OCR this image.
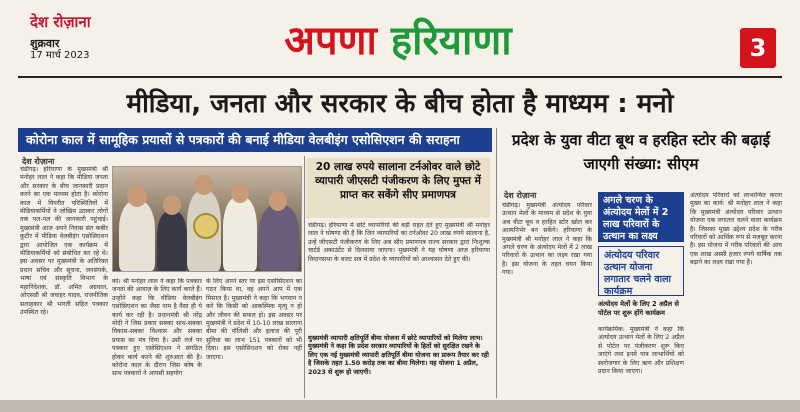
देश रोज़ाना
शुक्रवार
17 मार्च 2023	अपणा हरियाणा	3
मीडिया, जनता और सरकार के बीच होता है माध्यम : मनो
कोरोना काल में सामूहिक प्रयासों से पत्रकारों की बनाई मीडिया वेलबीइंग एसोसिएशन की सराहना
देश रोज़ाना
चंडीगढ़। हरियाणा के मुख्यमंत्री श्री मनोहर लाल ने कहा कि मीडिया जनता और सरकार के बीच जानकारी प्रदान करने का एक माध्यम होता है। कोरोना काल में विपरीत परिस्थितियों में मीडियाकर्मियों ने जोखिम उठाकर लोगों तक पल-पल की जानकारी पहुंचाई। मुख्यमंत्री आज अपने निवास संत कबीर कुटीर में मीडिया वेलबीइंग एसोसिएशन द्वारा आयोजित एक कार्यक्रम में मीडियाकर्मियों को संबोधित कर रहे थे। इस अवसर पर मुख्यमंत्री के अतिरिक्त प्रधान सचिव और सूचना, जनसंपर्क, भाषा एवं संस्कृति विभाग के महानिदेशक, डॉ. अमित अग्रवाल, ओएसडी श्री जवाहर यादव, राजनीतिक सलाहकार श्री भारती सहित पत्रकार उपस्थित रहे।
को। श्री मनोहर लाल ने कहा कि पत्रकार जनता की आवाज़ के लिए कार्य करते हैं। उन्होंने कहा कि मीडिया वेलबीइंग एसोसिएशन का जैसा नाम है वैसा ही ये कार्य कर रही है। प्रधानमंत्री श्री नरेंद्र मोदी ने जिस प्रकार सबका साथ-सबका विकास-सबका विश्वास और सबका प्रयास का मंत्र दिया है। उसी तर्ज पर पत्रकार हुए एसोसिएशन ने संगठित होकर कार्य करने की शुरुआत की है। कोरोना काल के दौरान जिस कोष के साथ पत्रकारों ने आपसी सहयोग
के लिए अपने स्तर पर इस एसोसिएशन का गठन किया था, वह अपने आप में एक मिसाल है। मुख्यमंत्री ने कहा कि भगवान न करे कि किसी को आकस्मिक मृत्यु न हो और जीवन की सफल हो। इस अवसर पर मुख्यमंत्री ने प्रदेश में 10-10 लाख सालाना बीमा की पॉलिसी और इलाज की पूरी सुविधा का लाभ 151 पत्रकारों को भी दिया। इस एसोसिएशन को रोका नहीं जाएगा।
20 लाख रुपये सालाना टर्नओवर वाले छोटे व्यापारी जीएसटी पंजीकरण के लिए मुफ्त में प्राप्त कर सकेंगे सीए प्रमाणपत्र
चंडीगढ़। हरियाणा में छोटे व्यापारियों की बड़ी राहत देते हुए मुख्यमंत्री श्री मनोहर लाल ने घोषणा की है कि जिन व्यापारियों का टर्नओवर 20 लाख रुपये सालाना है, उन्हें जीएसटी पंजीकरण के लिए अब सीए प्रमाणपत्र राज्य सरकार द्वारा निःशुल्क चार्टर्ड अकाउंटेंट से दिलवाया जाएगा। मुख्यमंत्री ने यह घोषणा आज हरियाणा विधानसभा के बजट सत्र में प्रदेश के व्यापारियों को आश्वासन देते हुए की।
मुख्यमंत्री व्यापारी क्षतिपूर्ति बीमा योजना में छोटे व्यापारियों को मिलेगा लाभ। मुख्यमंत्री ने कहा कि प्रदेश सरकार व्यापारियों के हितों को सुरक्षित रखने के लिए एक नई मुख्यमंत्री व्यापारी क्षतिपूर्ति बीमा योजना का प्रारूप तैयार कर रही है जिसके तहत 1.50 करोड़ तक का बीमा मिलेगा। यह योजना 1 अप्रैल, 2023 से शुरू हो जाएगी।
प्रदेश के युवा वीटा बूथ व हरहित स्टोर की बढ़ाई जाएगी संख्या: सीएम
देश रोज़ाना
चंडीगढ़। मुख्यमंत्री अंत्योदय परिवार उत्थान मेलों के माध्यम से प्रदेश के युवा अब वीटा बूथ व हरहित स्टोर खोल कर आत्मनिर्भर बन सकेंगे। हरियाणा के मुख्यमंत्री श्री मनोहर लाल ने कहा कि अगले चरण के अंत्योदय मेलों में 2 लाख परिवारों के उत्थान का लक्ष्य रखा गया है। इस योजना के तहत चयन किया गया।
अगले चरण के अंत्योदय मेलों में 2 लाख परिवारों के उत्थान का लक्ष्य
अंत्योदय परिवार उत्थान योजना लगातार चलने वाला कार्यक्रम
अंत्योदय मेलों के लिए 2 अप्रैल से पोर्टल पर शुरू होंगे कार्यक्रम
कार्यक्रमिक: मुख्यमंत्री ने कहा कि अंत्योदय उत्थान मेलों के लिए 2 अप्रैल से पोर्टल पर पंजीकरण शुरू किए जाएंगे तथा इनमें पात्र लाभार्थियों को स्वरोजगार के लिए ऋण और प्रशिक्षण प्रदान किया जाएगा।
अंत्योदय परिवारों को लाभान्वित करना मुख्य का कार्य: श्री मनोहर लाल ने कहा कि मुख्यमंत्री अंत्योदय परिवार उत्थान योजना एक लगातार चलने वाला कार्यक्रम है। जिसका मुख्य उद्देश्य प्रदेश के गरीब परिवारों को आर्थिक रूप से मजबूत करना है। इस योजना में गरीब परिवारों की आय एक लाख अस्सी हजार रुपये वार्षिक तक बढ़ाने का लक्ष्य रखा गया है।
